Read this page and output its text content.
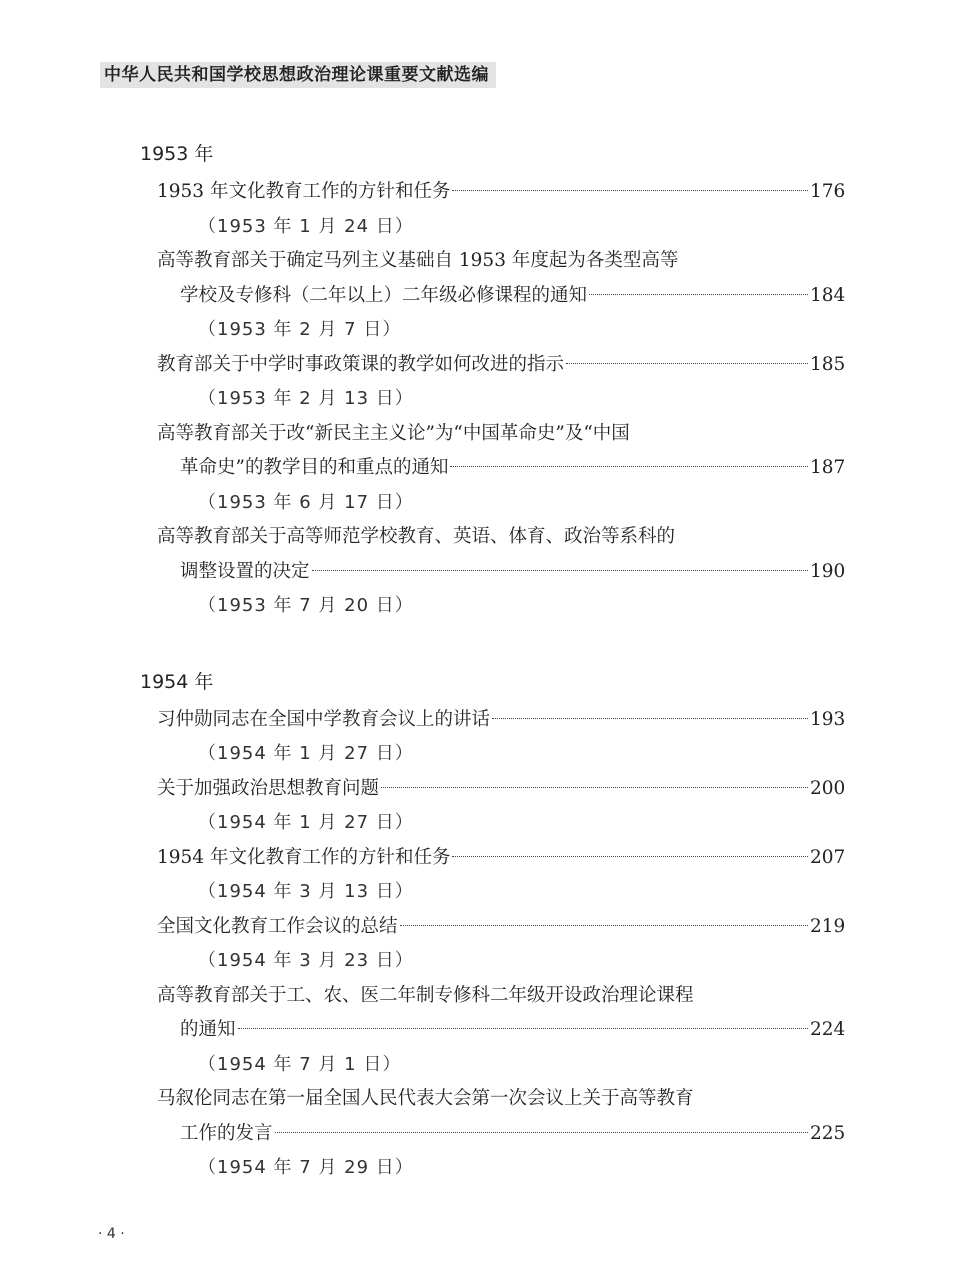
中华人民共和国学校思想政治理论课重要文献选编
1953 年
1953 年文化教育工作的方针和任务	176
（1953 年 1 月 24 日）
高等教育部关于确定马列主义基础自 1953 年度起为各类型高等
学校及专修科（二年以上）二年级必修课程的通知	184
（1953 年 2 月 7 日）
教育部关于中学时事政策课的教学如何改进的指示	185
（1953 年 2 月 13 日）
高等教育部关于改“新民主主义论”为“中国革命史”及“中国
革命史”的教学目的和重点的通知	187
（1953 年 6 月 17 日）
高等教育部关于高等师范学校教育、英语、体育、政治等系科的
调整设置的决定	190
（1953 年 7 月 20 日）
1954 年
习仲勋同志在全国中学教育会议上的讲话	193
（1954 年 1 月 27 日）
关于加强政治思想教育问题	200
（1954 年 1 月 27 日）
1954 年文化教育工作的方针和任务	207
（1954 年 3 月 13 日）
全国文化教育工作会议的总结	219
（1954 年 3 月 23 日）
高等教育部关于工、农、医二年制专修科二年级开设政治理论课程
的通知	224
（1954 年 7 月 1 日）
马叙伦同志在第一届全国人民代表大会第一次会议上关于高等教育
工作的发言	225
（1954 年 7 月 29 日）
· 4 ·
